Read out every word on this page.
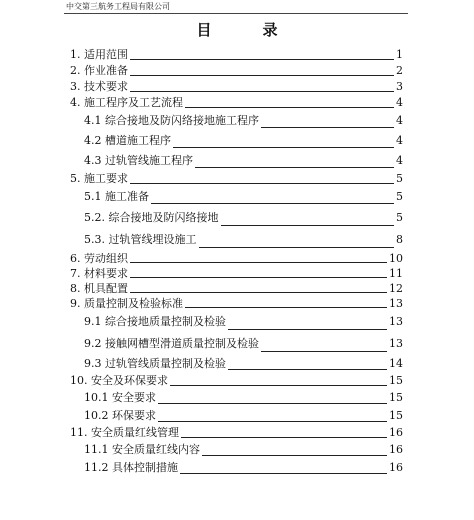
中交第三航务工程局有限公司
目　录
1. 适用范围	1
2. 作业准备	2
3. 技术要求	3
4. 施工程序及工艺流程	4
4.1 综合接地及防闪络接地施工程序	4
4.2 槽道施工程序	4
4.3 过轨管线施工程序	4
5. 施工要求	5
5.1 施工准备	5
5.2. 综合接地及防闪络接地	5
5.3. 过轨管线埋设施工	8
6. 劳动组织	10
7. 材料要求	11
8. 机具配置	12
9. 质量控制及检验标准	13
9.1 综合接地质量控制及检验	13
9.2 接触网槽型滑道质量控制及检验	13
9.3 过轨管线质量控制及检验	14
10. 安全及环保要求	15
10.1 安全要求	15
10.2 环保要求	15
11. 安全质量红线管理	16
11.1 安全质量红线内容	16
11.2 具体控制措施	16
